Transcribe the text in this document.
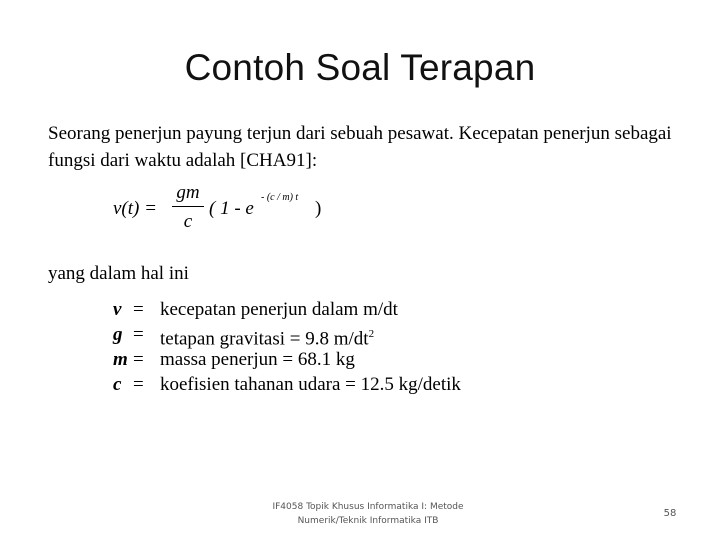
Contoh Soal Terapan
Seorang penerjun payung terjun dari sebuah pesawat. Kecepatan penerjun sebagai
fungsi dari waktu adalah [CHA91]:
v(t) =
gm
c
( 1 - e
- (c / m) t
)
yang dalam hal ini
v = kecepatan penerjun dalam m/dt
g = tetapan gravitasi = 9.8 $m/dt^2$
m = massa penerjun = 68.1 kg
c = koefisien tahanan udara = 12.5 kg/detik
IF4058 Topik Khusus Informatika I: Metode
Numerik/Teknik Informatika ITB
58
